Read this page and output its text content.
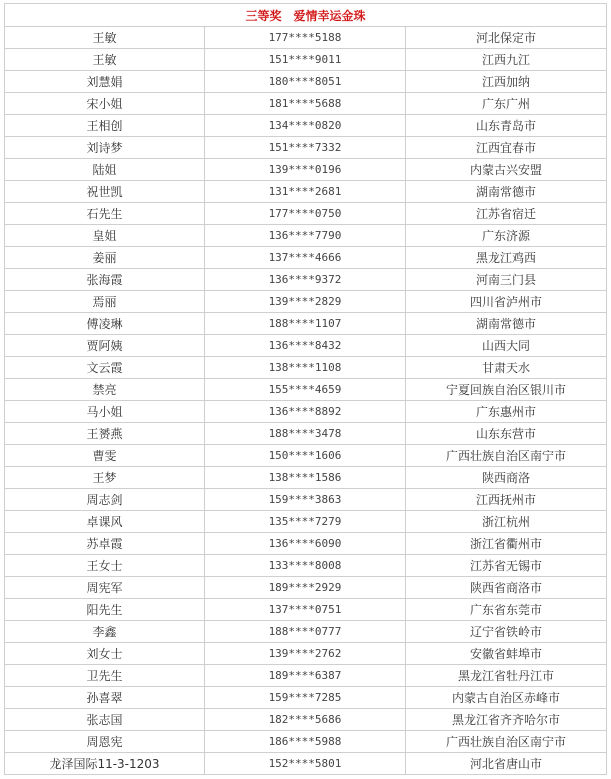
三等奖 爱情幸运金珠		
王敏	177****5188	河北保定市
王敏	151****9011	江西九江
刘慧娟	180****8051	江西加纳
宋小姐	181****5688	广东广州
王相创	134****0820	山东青岛市
刘诗梦	151****7332	江西宜春市
陆姐	139****0196	内蒙古兴安盟
祝世凯	131****2681	湖南常德市
石先生	177****0750	江苏省宿迁
皇姐	136****7790	广东济源
姜丽	137****4666	黑龙江鸡西
张海霞	136****9372	河南三门县
焉丽	139****2829	四川省泸州市
傅凌琳	188****1107	湖南常德市
贾阿姨	136****8432	山西大同
文云霞	138****1108	甘肃天水
禁亮	155****4659	宁夏回族自治区银川市
马小姐	136****8892	广东惠州市
王赟燕	188****3478	山东东营市
曹雯	150****1606	广西壮族自治区南宁市
王梦	138****1586	陕西商洛
周志剑	159****3863	江西抚州市
卓课风	135****7279	浙江杭州
苏卓霞	136****6090	浙江省衢州市
王女士	133****8008	江苏省无锡市
周宪军	189****2929	陕西省商洛市
阳先生	137****0751	广东省东莞市
李鑫	188****0777	辽宁省铁岭市
刘女士	139****2762	安徽省蚌埠市
卫先生	189****6387	黑龙江省牡丹江市
孙喜翠	159****7285	内蒙古自治区赤峰市
张志国	182****5686	黑龙江省齐齐哈尔市
周恩宪	186****5988	广西壮族自治区南宁市
龙泽国际11-3-1203	152****5801	河北省唐山市
